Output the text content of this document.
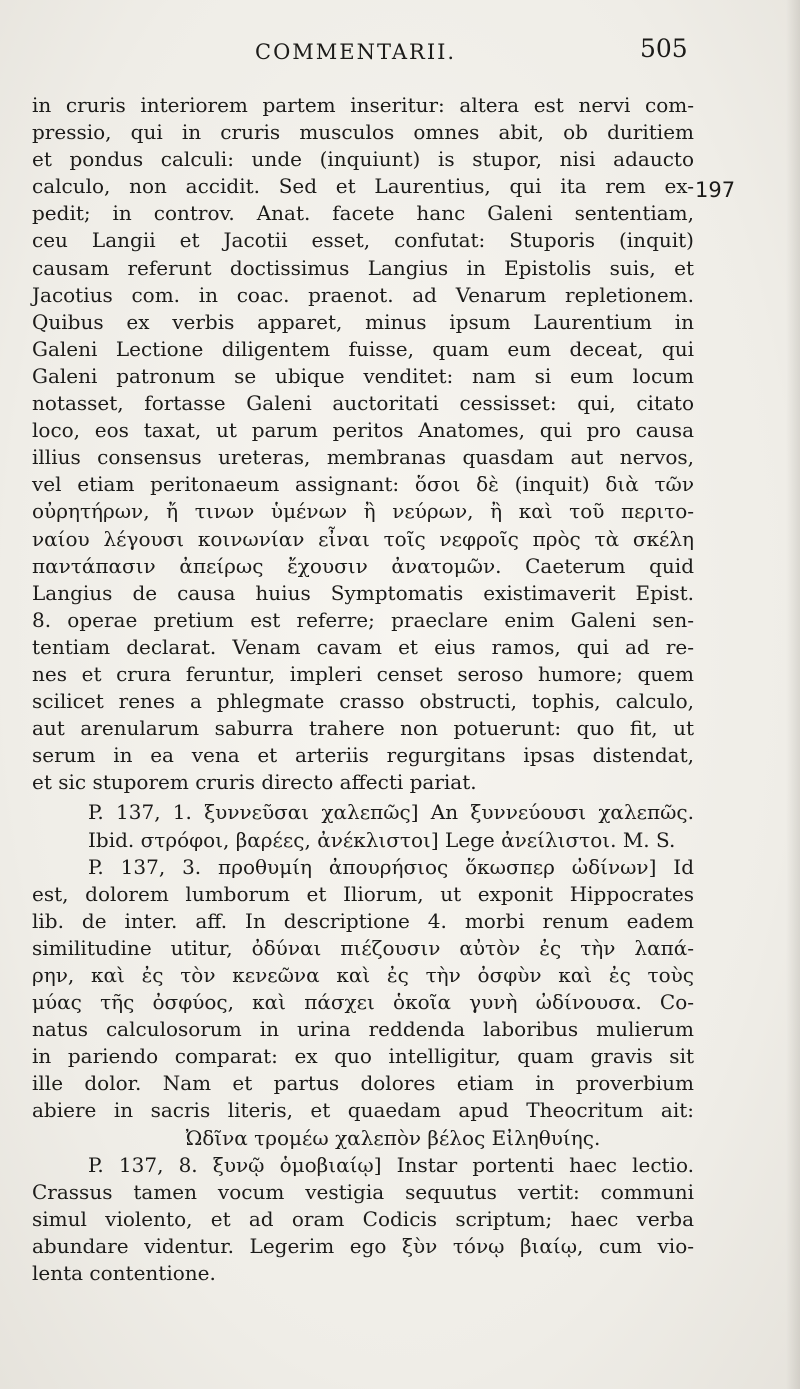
COMMENTARII.	505
197
in cruris interiorem partem inseritur: altera est nervi com-
pressio, qui in cruris musculos omnes abit, ob duritiem
et pondus calculi: unde (inquiunt) is stupor, nisi adaucto
calculo, non accidit. Sed et Laurentius, qui ita rem ex-
pedit; in controv. Anat. facete hanc Galeni sententiam,
ceu Langii et Jacotii esset, confutat: Stuporis (inquit)
causam referunt doctissimus Langius in Epistolis suis, et
Jacotius com. in coac. praenot. ad Venarum repletionem.
Quibus ex verbis apparet, minus ipsum Laurentium in
Galeni Lectione diligentem fuisse, quam eum deceat, qui
Galeni patronum se ubique venditet: nam si eum locum
notasset, fortasse Galeni auctoritati cessisset: qui, citato
loco, eos taxat, ut parum peritos Anatomes, qui pro causa
illius consensus ureteras, membranas quasdam aut nervos,
vel etiam peritonaeum assignant: ὅσοι δὲ (inquit) διὰ τῶν
οὐρητήρων, ἤ τινων ὑμένων ἢ νεύρων, ἢ καὶ τοῦ περιτο-
ναίου λέγουσι κοινωνίαν εἶναι τοῖς νεφροῖς πρὸς τὰ σκέλη
παντάπασιν ἀπείρως ἔχουσιν ἀνατομῶν. Caeterum quid
Langius de causa huius Symptomatis existimaverit Epist.
8. operae pretium est referre; praeclare enim Galeni sen-
tentiam declarat. Venam cavam et eius ramos, qui ad re-
nes et crura feruntur, impleri censet seroso humore; quem
scilicet renes a phlegmate crasso obstructi, tophis, calculo,
aut arenularum saburra trahere non potuerunt: quo fit, ut
serum in ea vena et arteriis regurgitans ipsas distendat,
et sic stuporem cruris directo affecti pariat.
P. 137, 1. ξυννεῦσαι χαλεπῶς] An ξυννεύουσι χαλεπῶς.
Ibid. στρόφοι, βαρέες, ἀνέκλιστοι] Lege ἀνείλιστοι. M. S.
P. 137, 3. προθυμίη ἀπουρήσιος ὅκωσπερ ὠδίνων] Id
est, dolorem lumborum et Iliorum, ut exponit Hippocrates
lib. de inter. aff. In descriptione 4. morbi renum eadem
similitudine utitur, ὀδύναι πιέζουσιν αὐτὸν ἐς τὴν λαπά-
ρην, καὶ ἐς τὸν κενεῶνα καὶ ἐς τὴν ὀσφὺν καὶ ἐς τοὺς
μύας τῆς ὀσφύος, καὶ πάσχει ὁκοῖα γυνὴ ὠδίνουσα. Co-
natus calculosorum in urina reddenda laboribus mulierum
in pariendo comparat: ex quo intelligitur, quam gravis sit
ille dolor. Nam et partus dolores etiam in proverbium
abiere in sacris literis, et quaedam apud Theocritum ait:
Ὠδῖνα τρομέω χαλεπὸν βέλος Εἰληθυίης.
P. 137, 8. ξυνῷ ὁμοβιαίῳ] Instar portenti haec lectio.
Crassus tamen vocum vestigia sequutus vertit: communi
simul violento, et ad oram Codicis scriptum; haec verba
abundare videntur. Legerim ego ξὺν τόνῳ βιαίῳ, cum vio-
lenta contentione.
